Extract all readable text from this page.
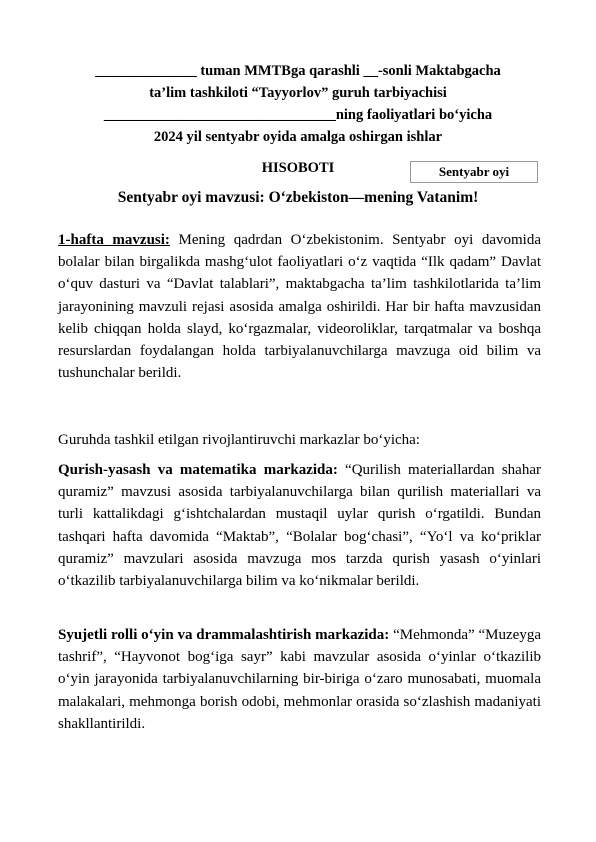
______________ tuman MMTBga qarashli __-sonli Maktabgacha
ta’lim tashkiloti “Tayyorlov” guruh tarbiyachisi
________________________________ning faoliyatlari bo‘yicha
2024 yil sentyabr oyida amalga oshirgan ishlar
HISOBOTI	Sentyabr oyi
Sentyabr oyi mavzusi: O‘zbekiston—mening Vatanim!
1-hafta mavzusi: Mening qadrdan O‘zbekistonim. Sentyabr oyi davomida bolalar bilan birgalikda mashg‘ulot faoliyatlari o‘z vaqtida “Ilk qadam” Davlat o‘quv dasturi va “Davlat talablari”, maktabgacha ta’lim tashkilotlarida ta’lim jarayonining mavzuli rejasi asosida amalga oshirildi. Har bir hafta mavzusidan kelib chiqqan holda slayd, ko‘rgazmalar, videoroliklar, tarqatmalar va boshqa resurslardan foydalangan holda tarbiyalanuvchilarga mavzuga oid bilim va tushunchalar berildi.
Guruhda tashkil etilgan rivojlantiruvchi markazlar bo‘yicha:
Qurish-yasash va matematika markazida: “Qurilish materiallardan shahar quramiz” mavzusi asosida tarbiyalanuvchilarga bilan qurilish materiallari va turli kattalikdagi g‘ishtchalardan mustaqil uylar qurish o‘rgatildi. Bundan tashqari hafta davomida “Maktab”, “Bolalar bog‘chasi”, “Yo‘l va ko‘priklar quramiz” mavzulari asosida mavzuga mos tarzda qurish yasash o‘yinlari o‘tkazilib tarbiyalanuvchilarga bilim va ko‘nikmalar berildi.
Syujetli rolli o‘yin va drammalashtirish markazida: “Mehmonda” “Muzeyga tashrif”, “Hayvonot bog‘iga sayr” kabi mavzular asosida o‘yinlar o‘tkazilib o‘yin jarayonida tarbiyalanuvchilarning bir-biriga o‘zaro munosabati, muomala malakalari, mehmonga borish odobi, mehmonlar orasida so‘zlashish madaniyati shakllantirildi.
